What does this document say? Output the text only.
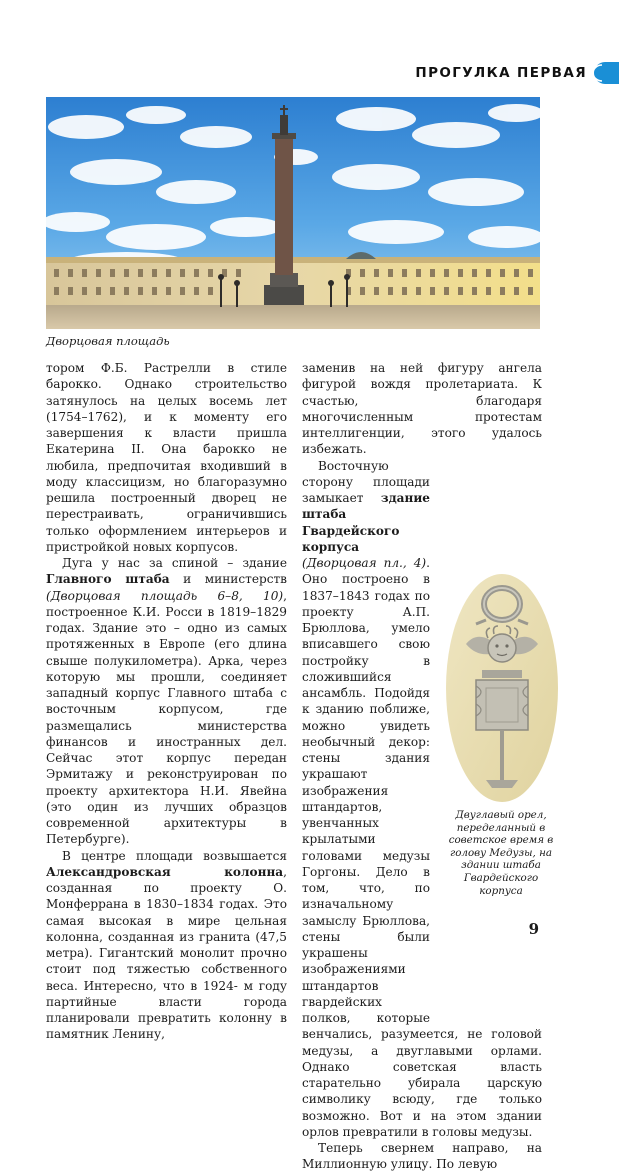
ПРОГУЛКА ПЕРВАЯ
Дворцовая площадь

тором Ф.Б. Растрелли в стиле барокко. Однако строительство затянулось на целых восемь лет (1754–1762), и к моменту его завершения к власти пришла Екатерина II. Она барокко не любила, предпочитая входивший в моду классицизм, но благоразумно решила построенный дворец не перестраивать, ограничившись только оформлением интерьеров и пристройкой новых корпусов.

Дуга у нас за спиной – здание Главного штаба и министерств (Дворцовая площадь 6–8, 10), построенное К.И. Росси в 1819–1829 годах. Здание это – одно из самых протяженных в Европе (его длина свыше полукилометра). Арка, через которую мы прошли, соединяет западный корпус Главного штаба с восточным корпусом, где размещались министерства финансов и иностранных дел. Сейчас этот корпус передан Эрмитажу и реконструирован по проекту архитектора Н.И. Явейна (это один из лучших образцов современной архитектуры в Петербурге).

В центре площади возвышается Александровская колонна, созданная по проекту О. Монферрана в 1830–1834 годах. Это самая высокая в мире цельная колонна, созданная из гранита (47,5 метра). Гигантский монолит прочно стоит под тяжестью собственного веса. Интересно, что в 1924- м году партийные власти города планировали превратить колонну в памятник Ленину,

заменив на ней фигуру ангела фигурой вождя пролетариата. К счастью, благодаря многочисленным протестам интеллигенции, этого удалось избежать.

Восточную сторону площади замыкает здание штаба Гвардейского корпуса (Дворцовая пл., 4). Оно построено в 1837–1843 годах по проекту А.П. Брюллова, умело вписавшего свою постройку в сложившийся ансамбль. Подойдя к зданию поближе, можно увидеть необычный декор: стены здания украшают изображения штандартов, увенчанных крылатыми головами медузы Горгоны. Дело в том, что, по изначальному замыслу Брюллова, стены были украшены изображениями штандартов гвардейских полков, которые венчались, разумеется, не головой медузы, а двуглавыми орлами. Однако советская власть старательно убирала царскую символику всюду, где только возможно. Вот и на этом здании орлов превратили в головы медузы.

Теперь свернем направо, на Миллионную улицу. По левую

Двуглавый орел, переделанный в советское время в голову Медузы, на здании штаба Гвардейского корпуса
9
